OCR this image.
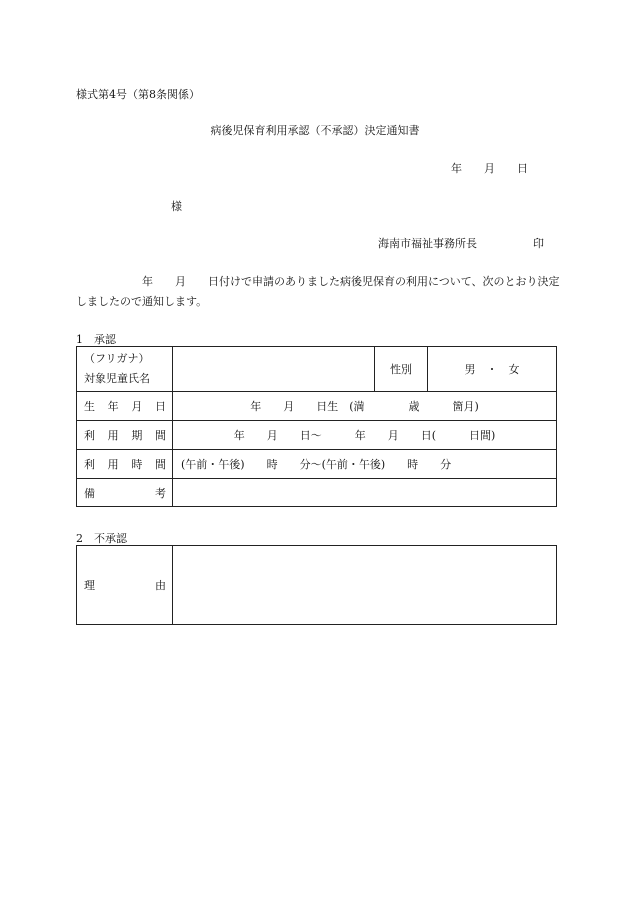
様式第4号（第8条関係）
病後児保育利用承認（不承認）決定通知書
年 月 日
様
海南市福祉事務所長	印
　　　　　　年　　月　　日付けで申請のありました病後児保育の利用について、次のとおり決定しましたので通知します。
1　承認
（フリガナ）
対象児童氏名		性別	男　・　女
生 年 月 日	年　　月　　日生　(満　　　　歳　　　箇月)		
利 用 期 間	年　　月　　日～　　　年　　月　　日(　　　日間)		
利 用 時 間	(午前・午後)　　時　　分～(午前・午後)　　時　　分		
備　　　　考			
2　不承認
理　　　　由	
